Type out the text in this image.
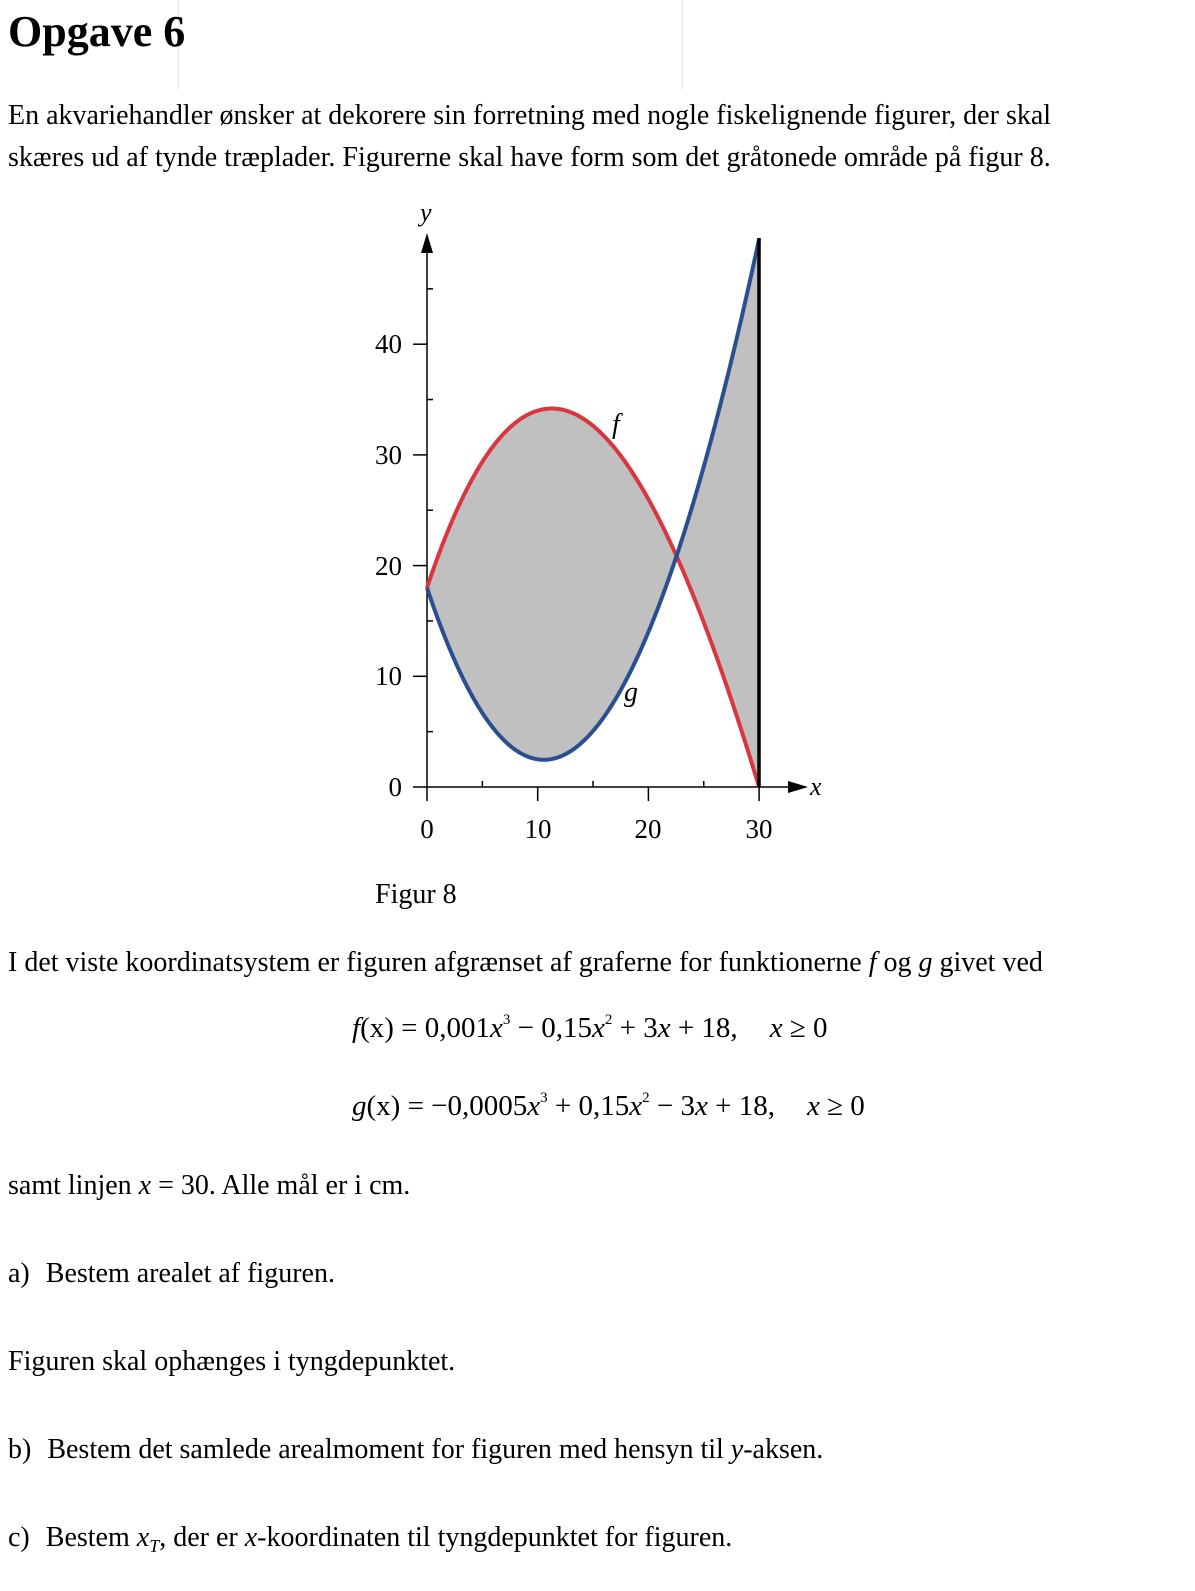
Opgave 6
En akvariehandler ønsker at dekorere sin forretning med nogle fiskelignende figurer, der skal
skæres ud af tynde træplader. Figurerne skal have form som det gråtonede område på figur 8.
f
g
y
x
0
10
20
30
40
0	10	20	30
Figur 8
I det viste koordinatsystem er figuren afgrænset af graferne for funktionerne f og g givet ved
$f(x) = 0,001x^3 - 0,15x^2 + 3x + 18$, x ≥ 0
$g(x) = -0,0005x^3 + 0,15x^2 - 3x + 18$, x ≥ 0
samt linjen x = 30. Alle mål er i cm.
a) Bestem arealet af figuren.
Figuren skal ophænges i tyngdepunktet.
b) Bestem det samlede arealmoment for figuren med hensyn til y-aksen.
c) Bestem $x_T$, der er x-koordinaten til tyngdepunktet for figuren.
